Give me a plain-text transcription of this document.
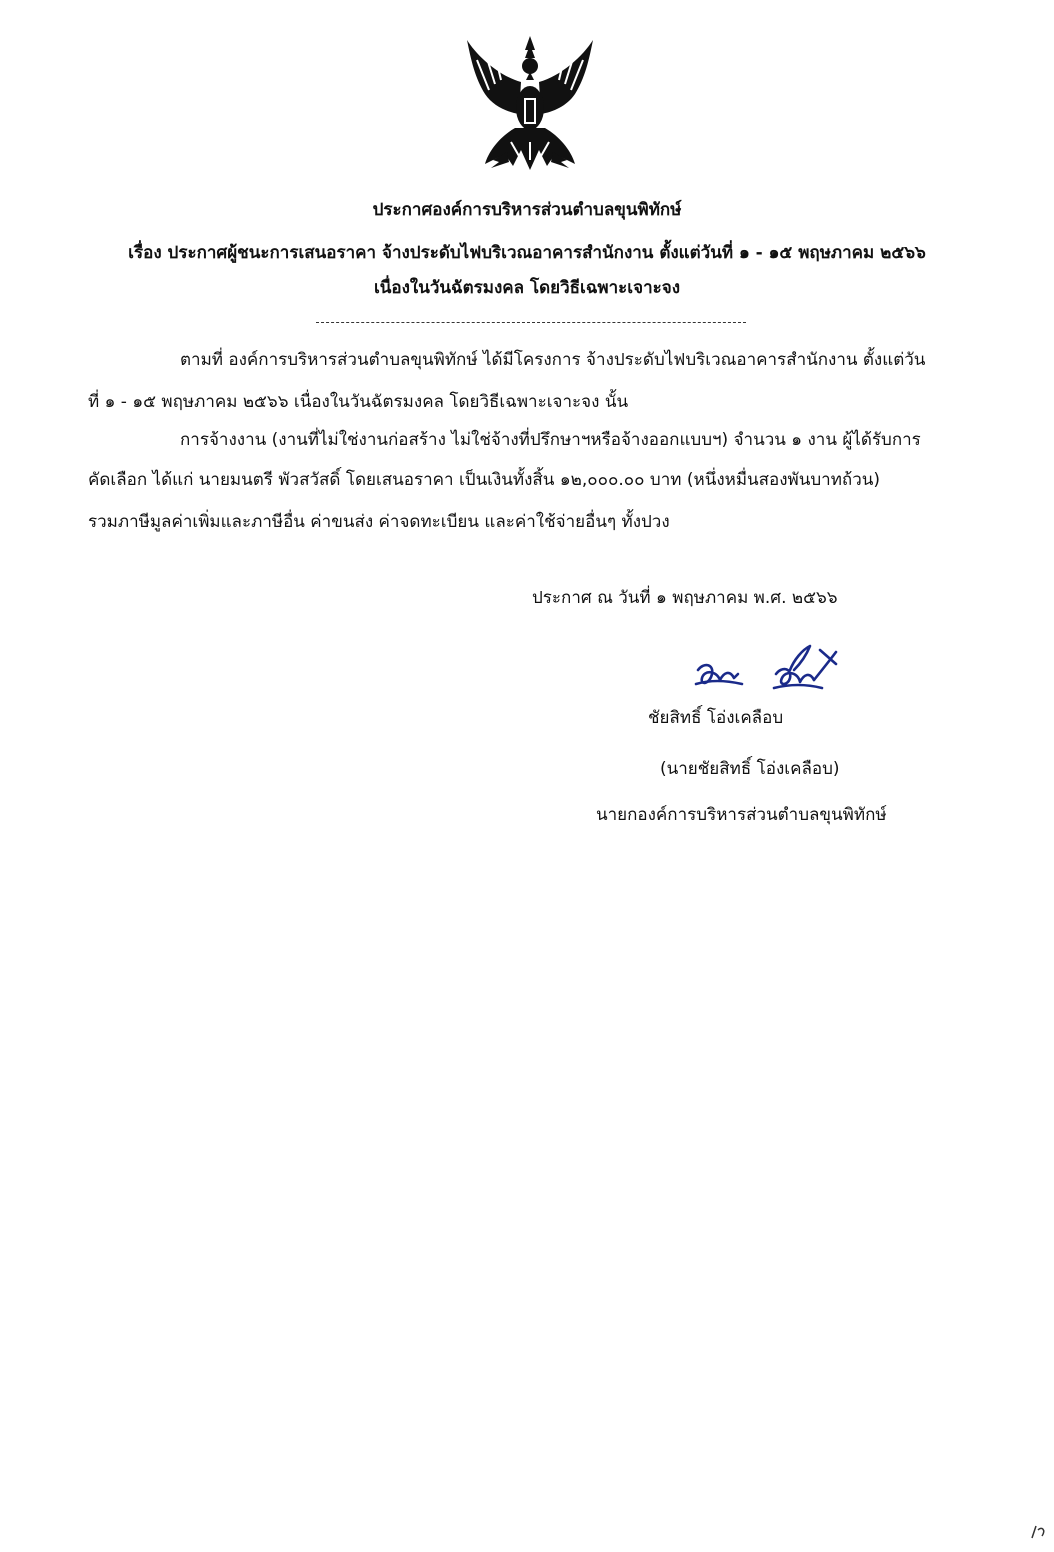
ประกาศองค์การบริหารส่วนตำบลขุนพิทักษ์
เรื่อง ประกาศผู้ชนะการเสนอราคา จ้างประดับไฟบริเวณอาคารสำนักงาน ตั้งแต่วันที่ ๑ - ๑๕ พฤษภาคม ๒๕๖๖
เนื่องในวันฉัตรมงคล โดยวิธีเฉพาะเจาะจง
ตามที่ องค์การบริหารส่วนตำบลขุนพิทักษ์ ได้มีโครงการ จ้างประดับไฟบริเวณอาคารสำนักงาน ตั้งแต่วัน
ที่ ๑ - ๑๕ พฤษภาคม ๒๕๖๖ เนื่องในวันฉัตรมงคล โดยวิธีเฉพาะเจาะจง นั้น
การจ้างงาน (งานที่ไม่ใช่งานก่อสร้าง ไม่ใช่จ้างที่ปรึกษาฯหรือจ้างออกแบบฯ) จำนวน ๑ งาน ผู้ได้รับการ
คัดเลือก ได้แก่ นายมนตรี พัวสวัสดิ์ โดยเสนอราคา เป็นเงินทั้งสิ้น ๑๒,๐๐๐.๐๐ บาท (หนึ่งหมื่นสองพันบาทถ้วน)
รวมภาษีมูลค่าเพิ่มและภาษีอื่น ค่าขนส่ง ค่าจดทะเบียน และค่าใช้จ่ายอื่นๆ ทั้งปวง
ประกาศ ณ วันที่ ๑ พฤษภาคม พ.ศ. ๒๕๖๖
ชัยสิทธิ์ โอ่งเคลือบ
(นายชัยสิทธิ์ โอ่งเคลือบ)
นายกองค์การบริหารส่วนตำบลขุนพิทักษ์
